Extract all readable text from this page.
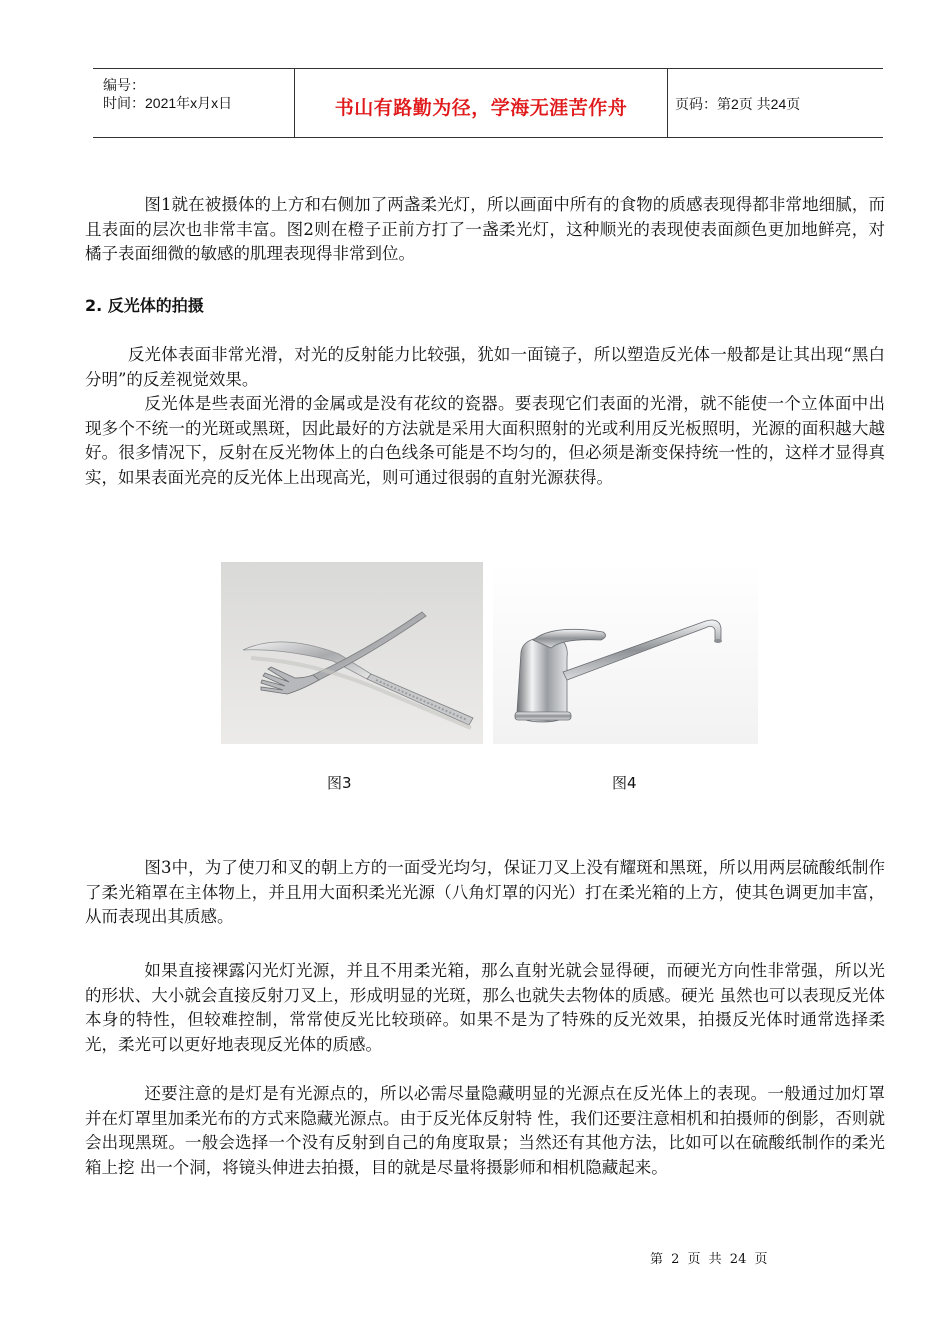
编号：
时间：2021年x月x日	书山有路勤为径，学海无涯苦作舟	页码：第2页 共24页

图1就在被摄体的上方和右侧加了两盏柔光灯，所以画面中所有的食物的质感表现得都非常地细腻，而且表面的层次也非常丰富。图2则在橙子正前方打了一盏柔光灯，这种顺光的表现使表面颜色更加地鲜亮，对橘子表面细微的敏感的肌理表现得非常到位。

2. 反光体的拍摄

反光体表面非常光滑，对光的反射能力比较强，犹如一面镜子，所以塑造反光体一般都是让其出现“黑白分明”的反差视觉效果。

反光体是些表面光滑的金属或是没有花纹的瓷器。要表现它们表面的光滑，就不能使一个立体面中出现多个不统一的光斑或黑斑，因此最好的方法就是采用大面积照射的光或利用反光板照明，光源的面积越大越好。很多情况下，反射在反光物体上的白色线条可能是不均匀的，但必须是渐变保持统一性的，这样才显得真实，如果表面光亮的反光体上出现高光，则可通过很弱的直射光源获得。

图3	图4

图3中，为了使刀和叉的朝上方的一面受光均匀，保证刀叉上没有耀斑和黑斑，所以用两层硫酸纸制作了柔光箱罩在主体物上，并且用大面积柔光光源（八角灯罩的闪光）打在柔光箱的上方，使其色调更加丰富，从而表现出其质感。

如果直接裸露闪光灯光源，并且不用柔光箱，那么直射光就会显得硬，而硬光方向性非常强，所以光的形状、大小就会直接反射刀叉上，形成明显的光斑，那么也就失去物体的质感。硬光 虽然也可以表现反光体本身的特性，但较难控制，常常使反光比较琐碎。如果不是为了特殊的反光效果，拍摄反光体时通常选择柔光，柔光可以更好地表现反光体的质感。

还要注意的是灯是有光源点的，所以必需尽量隐藏明显的光源点在反光体上的表现。一般通过加灯罩并在灯罩里加柔光布的方式来隐藏光源点。由于反光体反射特 性，我们还要注意相机和拍摄师的倒影，否则就会出现黑斑。一般会选择一个没有反射到自己的角度取景；当然还有其他方法，比如可以在硫酸纸制作的柔光箱上挖 出一个洞，将镜头伸进去拍摄，目的就是尽量将摄影师和相机隐藏起来。

第 2 页 共 24 页
